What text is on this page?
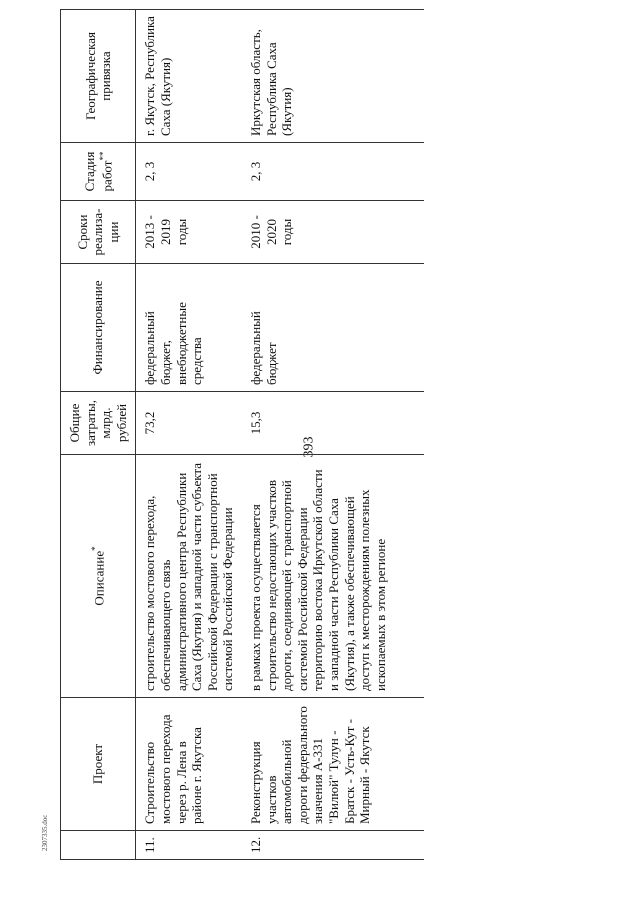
393
	Проект	Описание*	Общие затраты, млрд. рублей	Финансирование	Сроки реализа-ции	Стадия работ**	Географическая привязка
11.	Строительство мостового перехода через р. Лена в районе г. Якутска	строительство мостового перехода, обеспечивающего связь административного центра Республики Саха (Якутия) и западной части субъекта Российской Федерации с транспортной системой Российской Федерации	73,2	федеральный бюджет, внебюджетные средства	2013 - 2019 годы	2, 3	г. Якутск, Республика Саха (Якутия)
12.	Реконструкция участков автомобильной дороги федерального значения А-331 "Вилюй" Тулун - Братск - Усть-Кут - Мирный - Якутск	в рамках проекта осуществляется строительство недостающих участков дороги, соединяющей с транспортной системой Российской Федерации территорию востока Иркутской области и западной части Республики Саха (Якутия), а также обеспечивающей доступ к месторождениям полезных ископаемых в этом регионе	15,3	федеральный бюджет	2010 - 2020 годы	2, 3	Иркутская область, Республика Саха (Якутия)
2307335.doc
